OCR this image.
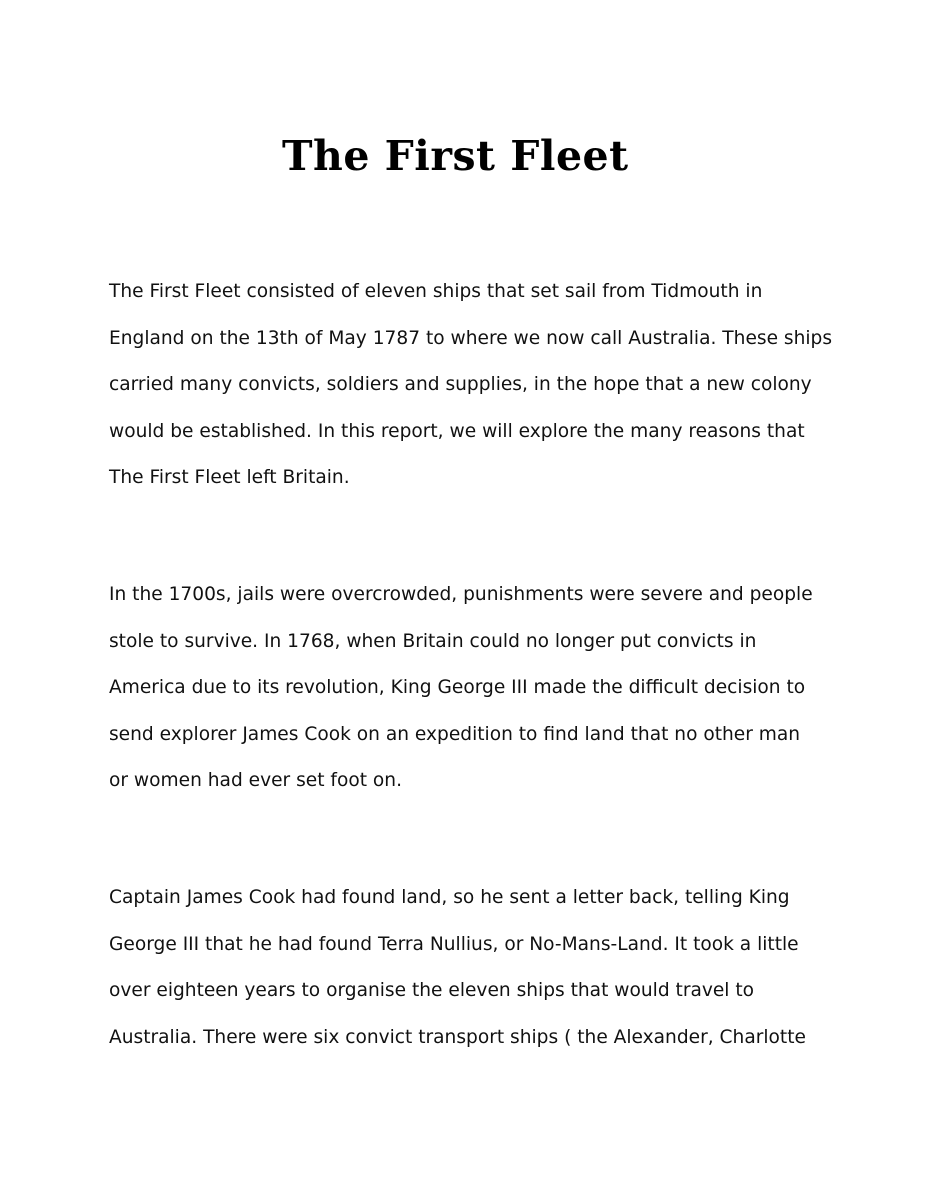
The First Fleet

The First Fleet consisted of eleven ships that set sail from Tidmouth in
England on the 13th of May 1787 to where we now call Australia. These ships
carried many convicts, soldiers and supplies, in the hope that a new colony
would be established. In this report, we will explore the many reasons that
The First Fleet left Britain.

In the 1700s, jails were overcrowded, punishments were severe and people
stole to survive. In 1768, when Britain could no longer put convicts in
America due to its revolution, King George III made the difficult decision to
send explorer James Cook on an expedition to find land that no other man
or women had ever set foot on.

Captain James Cook had found land, so he sent a letter back, telling King
George III that he had found Terra Nullius, or No-Mans-Land. It took a little
over eighteen years to organise the eleven ships that would travel to
Australia. There were six convict transport ships ( the Alexander, Charlotte
